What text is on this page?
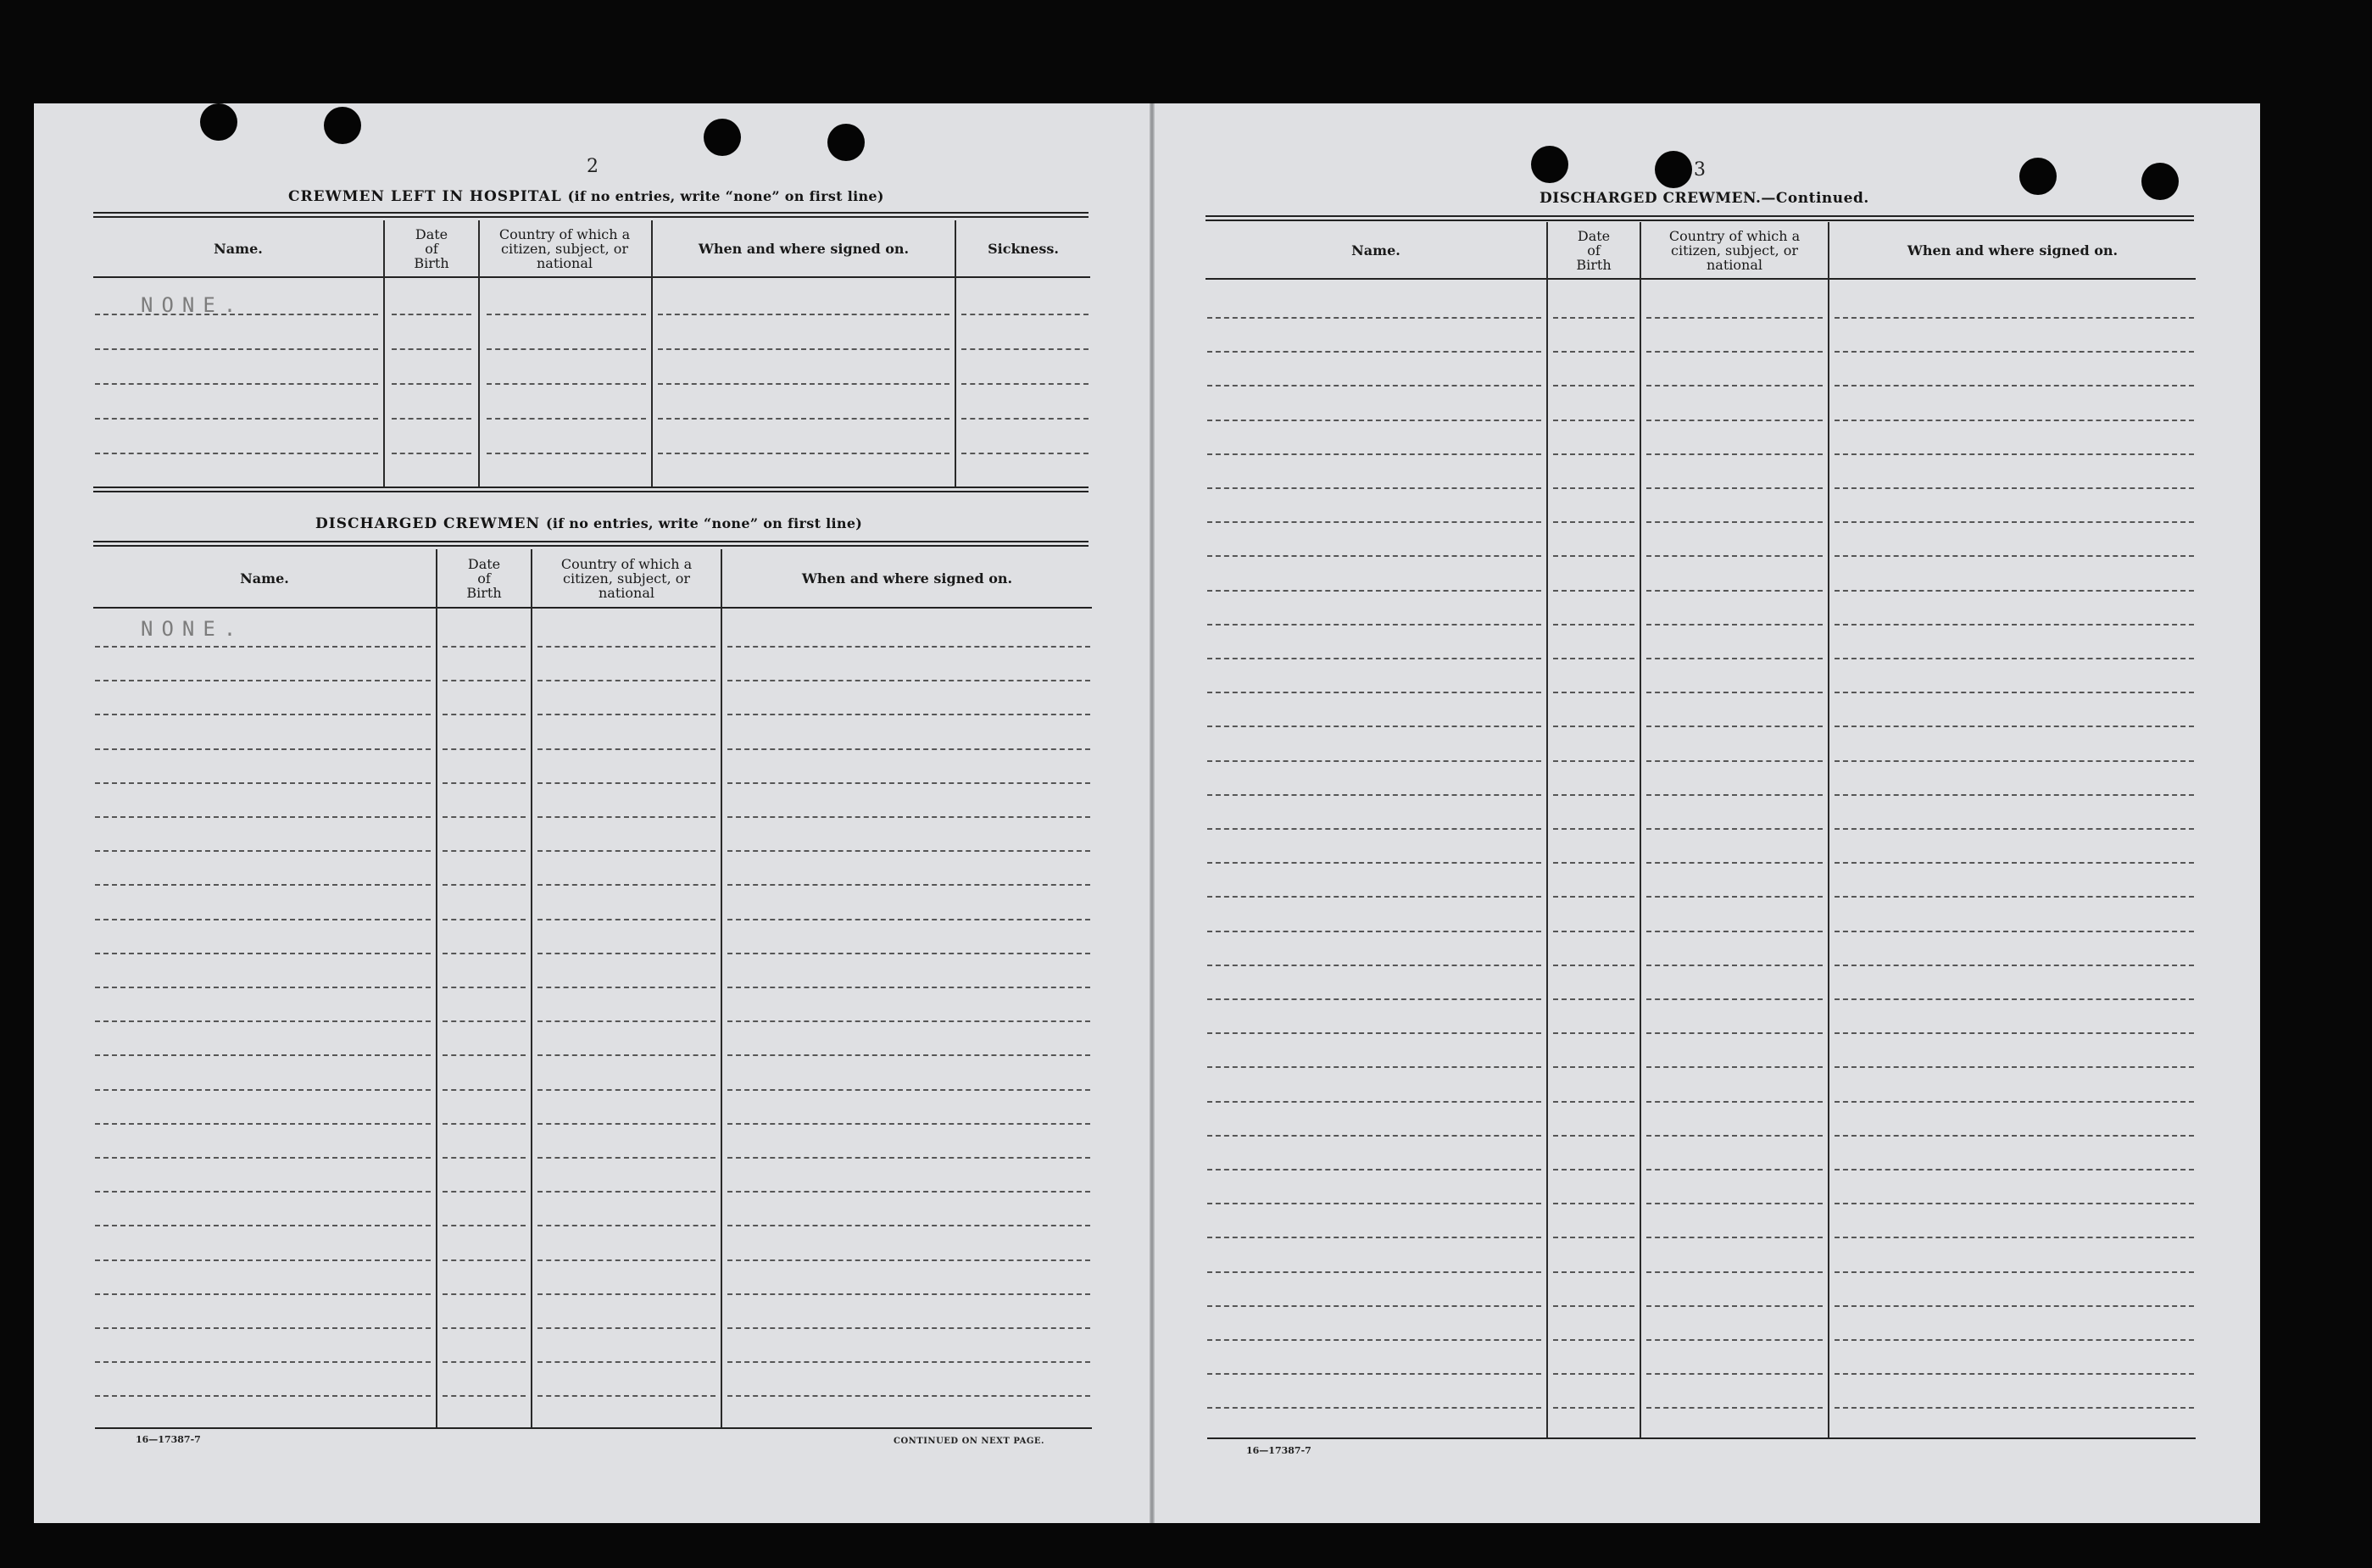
2
CREWMEN LEFT IN HOSPITAL (if no entries, write “none” on first line)
Name.
Date
of
Birth
Country of which a
citizen, subject, or
national
When and where signed on.	Sickness.
NONE.
DISCHARGED CREWMEN (if no entries, write “none” on first line)
Name.
Date
of
Birth
Country of which a
citizen, subject, or
national
When and where signed on.
NONE.
16—17387-7	CONTINUED ON NEXT PAGE.
3
DISCHARGED CREWMEN.—Continued.
Name.
Date
of
Birth
Country of which a
citizen, subject, or
national
When and where signed on.
16—17387-7
